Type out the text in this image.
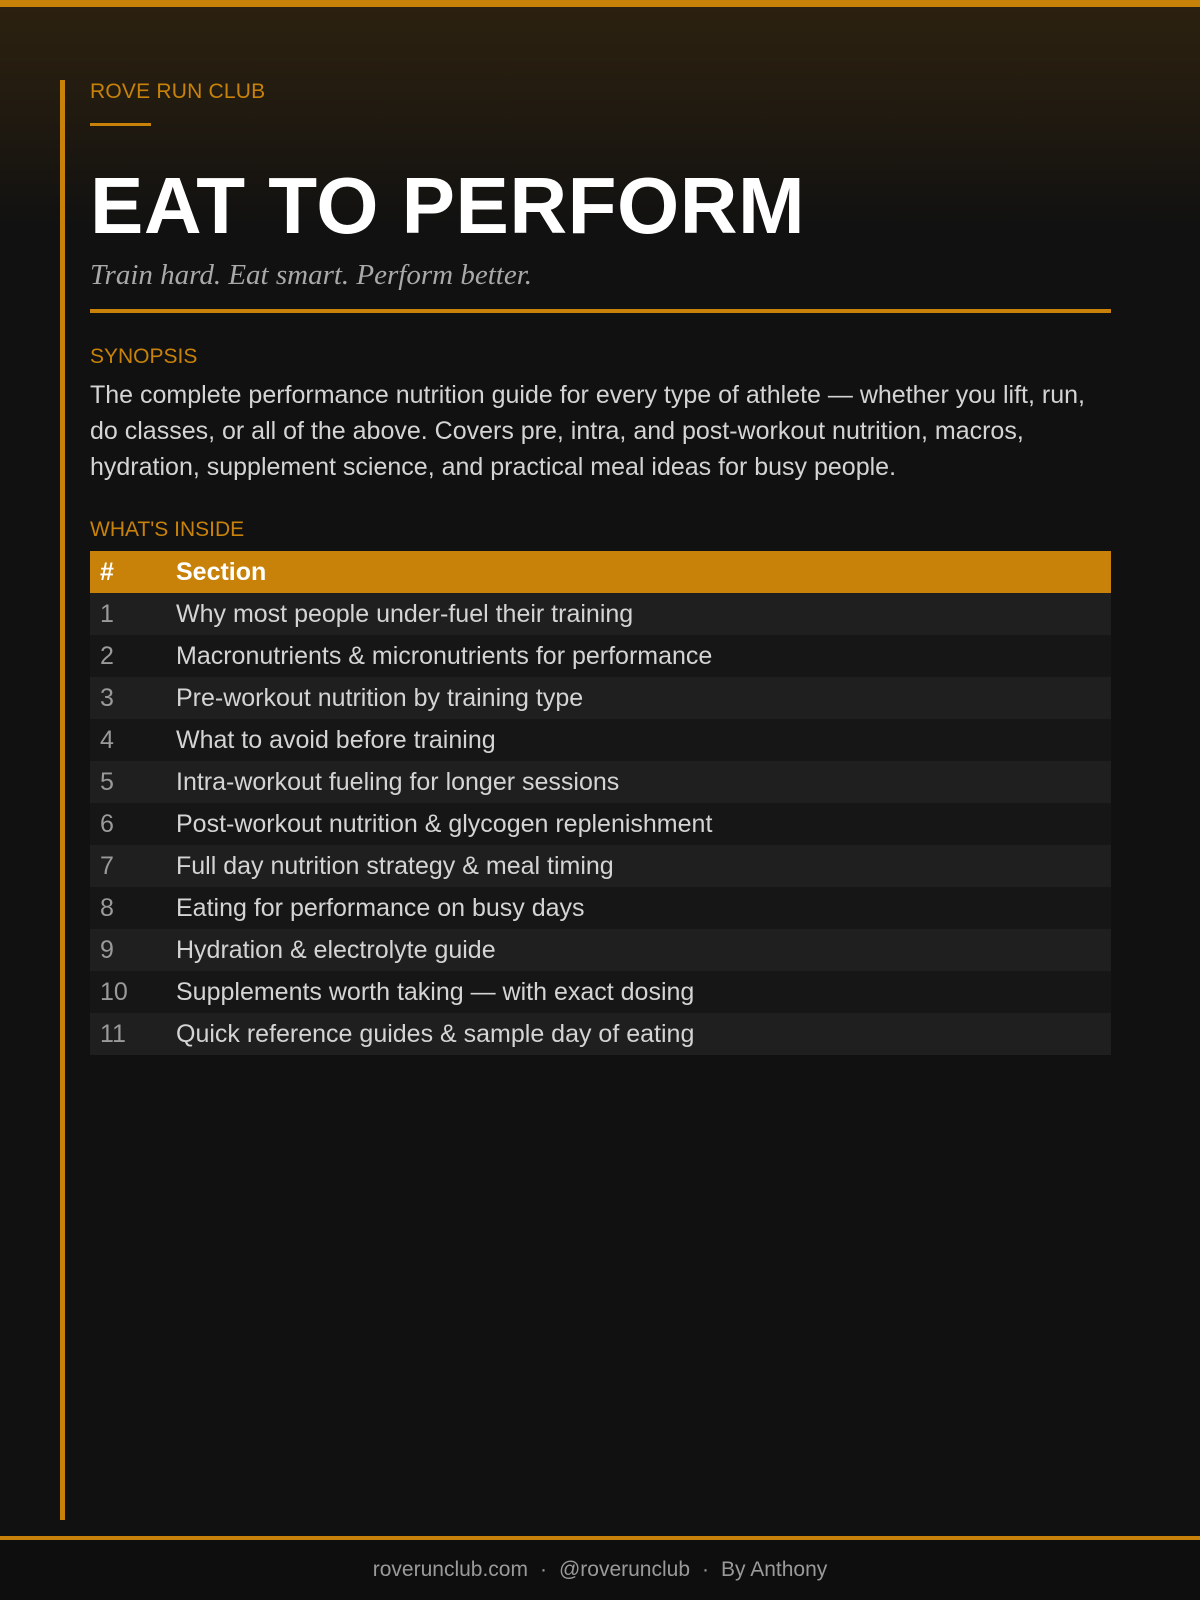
ROVE RUN CLUB
EAT TO PERFORM
Train hard. Eat smart. Perform better.
SYNOPSIS
The complete performance nutrition guide for every type of athlete — whether you lift, run, do classes, or all of the above. Covers pre, intra, and post-workout nutrition, macros, hydration, supplement science, and practical meal ideas for busy people.
WHAT'S INSIDE
#	Section
1	Why most people under-fuel their training
2	Macronutrients & micronutrients for performance
3	Pre-workout nutrition by training type
4	What to avoid before training
5	Intra-workout fueling for longer sessions
6	Post-workout nutrition & glycogen replenishment
7	Full day nutrition strategy & meal timing
8	Eating for performance on busy days
9	Hydration & electrolyte guide
10	Supplements worth taking — with exact dosing
11	Quick reference guides & sample day of eating
roverunclub.com · @roverunclub · By Anthony
